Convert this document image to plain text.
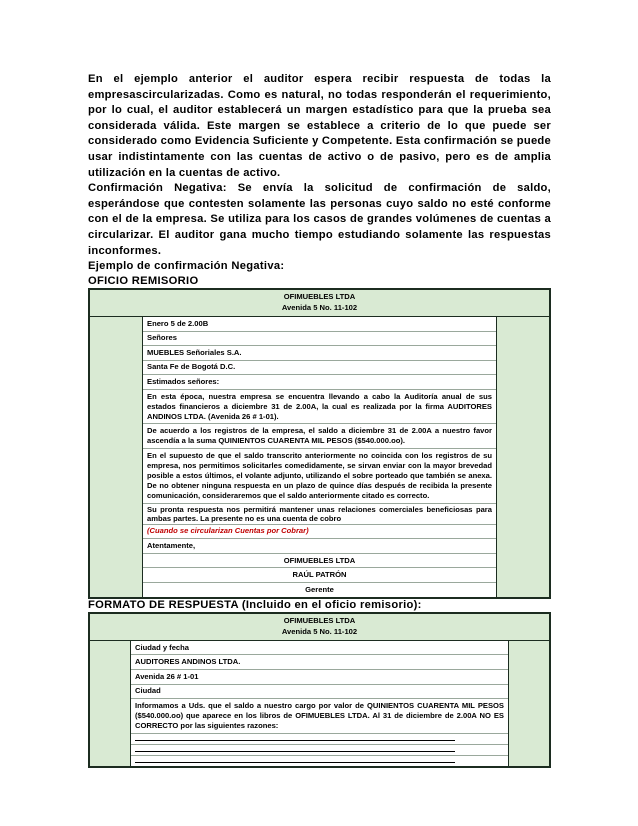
En el ejemplo anterior el auditor espera recibir respuesta de todas la empresascircularizadas. Como es natural, no todas responderán el requerimiento, por lo cual, el auditor establecerá un margen estadístico para que la prueba sea considerada válida. Este margen se establece a criterio de lo que puede ser considerado como Evidencia Suficiente y Competente. Esta confirmación se puede usar indistintamente con las cuentas de activo o de pasivo, pero es de amplia utilización en la cuentas de activo.

Confirmación Negativa: Se envía la solicitud de confirmación de saldo, esperándose que contesten solamente las personas cuyo saldo no esté conforme con el de la empresa. Se utiliza para los casos de grandes volúmenes de cuentas a circularizar. El auditor gana mucho tiempo estudiando solamente las respuestas inconformes.

Ejemplo de confirmación Negativa:

OFICIO REMISORIO

OFIMUEBLES LTDA
Avenida 5 No. 11-102
Enero 5 de 2.00B
Señores
MUEBLES Señoriales S.A.
Santa Fe de Bogotá D.C.
Estimados señores:
En esta época, nuestra empresa se encuentra llevando a cabo la Auditoría anual de sus estados financieros a diciembre 31 de 2.00A, la cual es realizada por la firma AUDITORES ANDINOS LTDA. (Avenida 26 # 1-01).
De acuerdo a los registros de la empresa, el saldo a diciembre 31 de 2.00A a nuestro favor ascendía a la suma QUINIENTOS CUARENTA MIL PESOS ($540.000.oo).
En el supuesto de que el saldo transcrito anteriormente no coincida con los registros de su empresa, nos permitimos solicitarles comedidamente, se sirvan enviar con la mayor brevedad posible a estos últimos, el volante adjunto, utilizando el sobre porteado que también se anexa. De no obtener ninguna respuesta en un plazo de quince días después de recibida la presente comunicación, consideraremos que el saldo anteriormente citado es correcto.
Su pronta respuesta nos permitirá mantener unas relaciones comerciales beneficiosas para ambas partes. La presente no es una cuenta de cobro
(Cuando se circularizan Cuentas por Cobrar)
Atentamente,
OFIMUEBLES LTDA
RAÚL PATRÓN
Gerente

FORMATO DE RESPUESTA (Incluido en el oficio remisorio):

OFIMUEBLES LTDA
Avenida 5 No. 11-102
Ciudad y fecha
AUDITORES ANDINOS LTDA.
Avenida 26 # 1-01
Ciudad
Informamos a Uds. que el saldo a nuestro cargo por valor de QUINIENTOS CUARENTA MIL PESOS ($540.000.oo) que aparece en los libros de OFIMUEBLES LTDA. Al 31 de diciembre de 2.00A NO ES CORRECTO por las siguientes razones:
